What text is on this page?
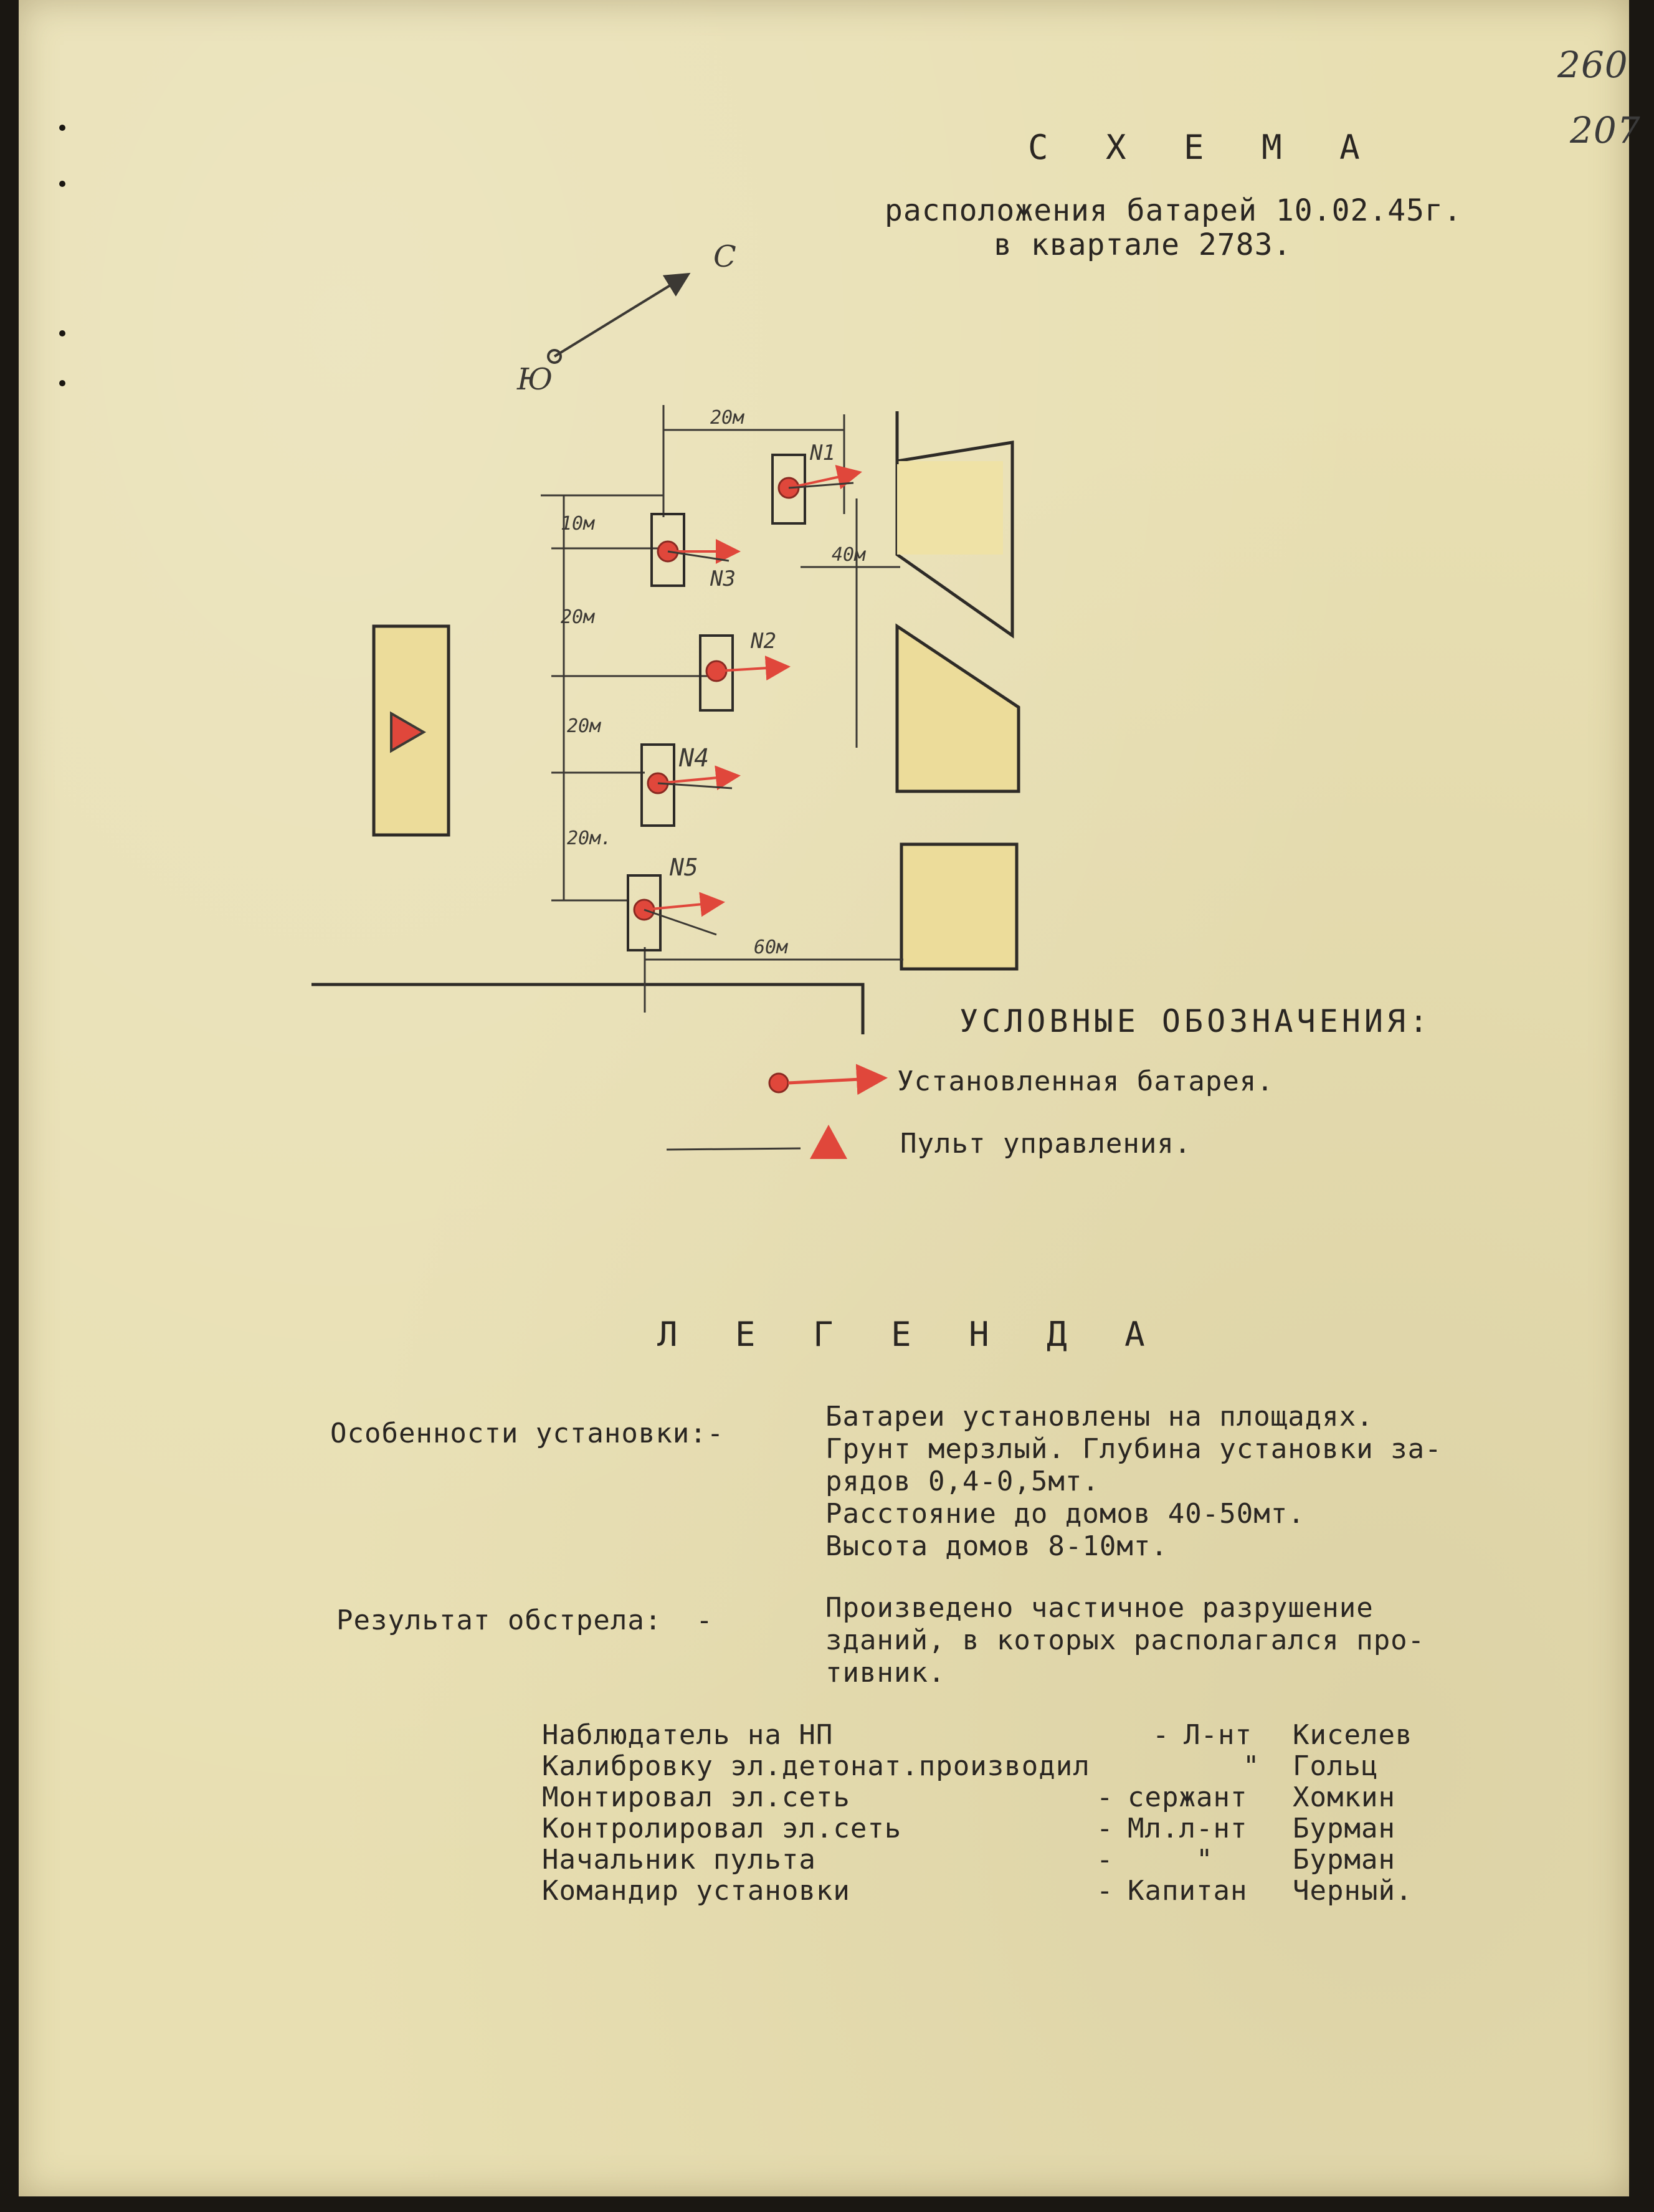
260
207
С Х Е М А
расположения батарей 10.02.45г.
в квартале 2783.
С
Ю
20м
10м
20м
20м
20м.
40м
60м
N1
N3
N2
N4
N5
УСЛОВНЫЕ ОБОЗНАЧЕНИЯ:
Установленная батарея.
Пульт управления.
Л Е Г Е Н Д А
Особенности установки:-
Батареи установлены на площадях.
Грунт мерзлый. Глубина установки за-
рядов 0,4-0,5мт.
Расстояние до домов 40-50мт.
Высота домов 8-10мт.
Результат обстрела:  -	Произведено частичное разрушение
зданий, в которых располагался про-
тивник.
Наблюдатель на НП	- Л-нт Киселев
Калибровку эл.детонат.производил	" Гольц
Монтировал эл.сеть	- сержант Хомкин
Контролировал эл.сеть	- Мл.л-нт Бурман
Начальник пульта	-	"	Бурман
Командир установки	- Капитан Черный.
